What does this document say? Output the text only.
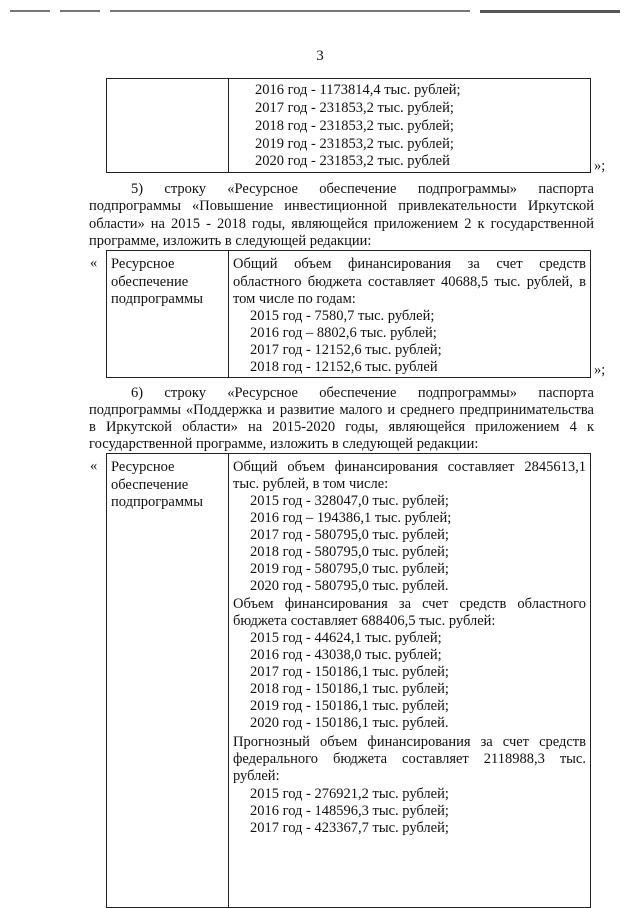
3
2016 год - 1173814,4 тыс. рублей;
2017 год - 231853,2 тыс. рублей;
2018 год - 231853,2 тыс. рублей;
2019 год - 231853,2 тыс. рублей;
2020 год - 231853,2 тыс. рублей	»;
5) строку «Ресурсное обеспечение подпрограммы» паспорта
подпрограммы «Повышение инвестиционной привлекательности Иркутской
области» на 2015 - 2018 годы, являющейся приложением 2 к государственной
программе, изложить в следующей редакции:
« Ресурсное
обеспечение
подпрограммы
Общий объем финансирования за счет средств
областного бюджета составляет 40688,5 тыс. рублей, в
том числе по годам:
2015 год - 7580,7 тыс. рублей;
2016 год – 8802,6 тыс. рублей;
2017 год - 12152,6 тыс. рублей;
2018 год - 12152,6 тыс. рублей	»;
6) строку «Ресурсное обеспечение подпрограммы» паспорта
подпрограммы «Поддержка и развитие малого и среднего предпринимательства
в Иркутской области» на 2015-2020 годы, являющейся приложением 4 к
государственной программе, изложить в следующей редакции:
« Ресурсное
обеспечение
подпрограммы
Общий объем финансирования составляет 2845613,1
тыс. рублей, в том числе:
2015 год - 328047,0 тыс. рублей;
2016 год – 194386,1 тыс. рублей;
2017 год - 580795,0 тыс. рублей;
2018 год - 580795,0 тыс. рублей;
2019 год - 580795,0 тыс. рублей;
2020 год - 580795,0 тыс. рублей.
Объем финансирования за счет средств областного
бюджета составляет 688406,5 тыс. рублей:
2015 год - 44624,1 тыс. рублей;
2016 год - 43038,0 тыс. рублей;
2017 год - 150186,1 тыс. рублей;
2018 год - 150186,1 тыс. рублей;
2019 год - 150186,1 тыс. рублей;
2020 год - 150186,1 тыс. рублей.
Прогнозный объем финансирования за счет средств
федерального бюджета составляет 2118988,3 тыс.
рублей:
2015 год - 276921,2 тыс. рублей;
2016 год - 148596,3 тыс. рублей;
2017 год - 423367,7 тыс. рублей;
